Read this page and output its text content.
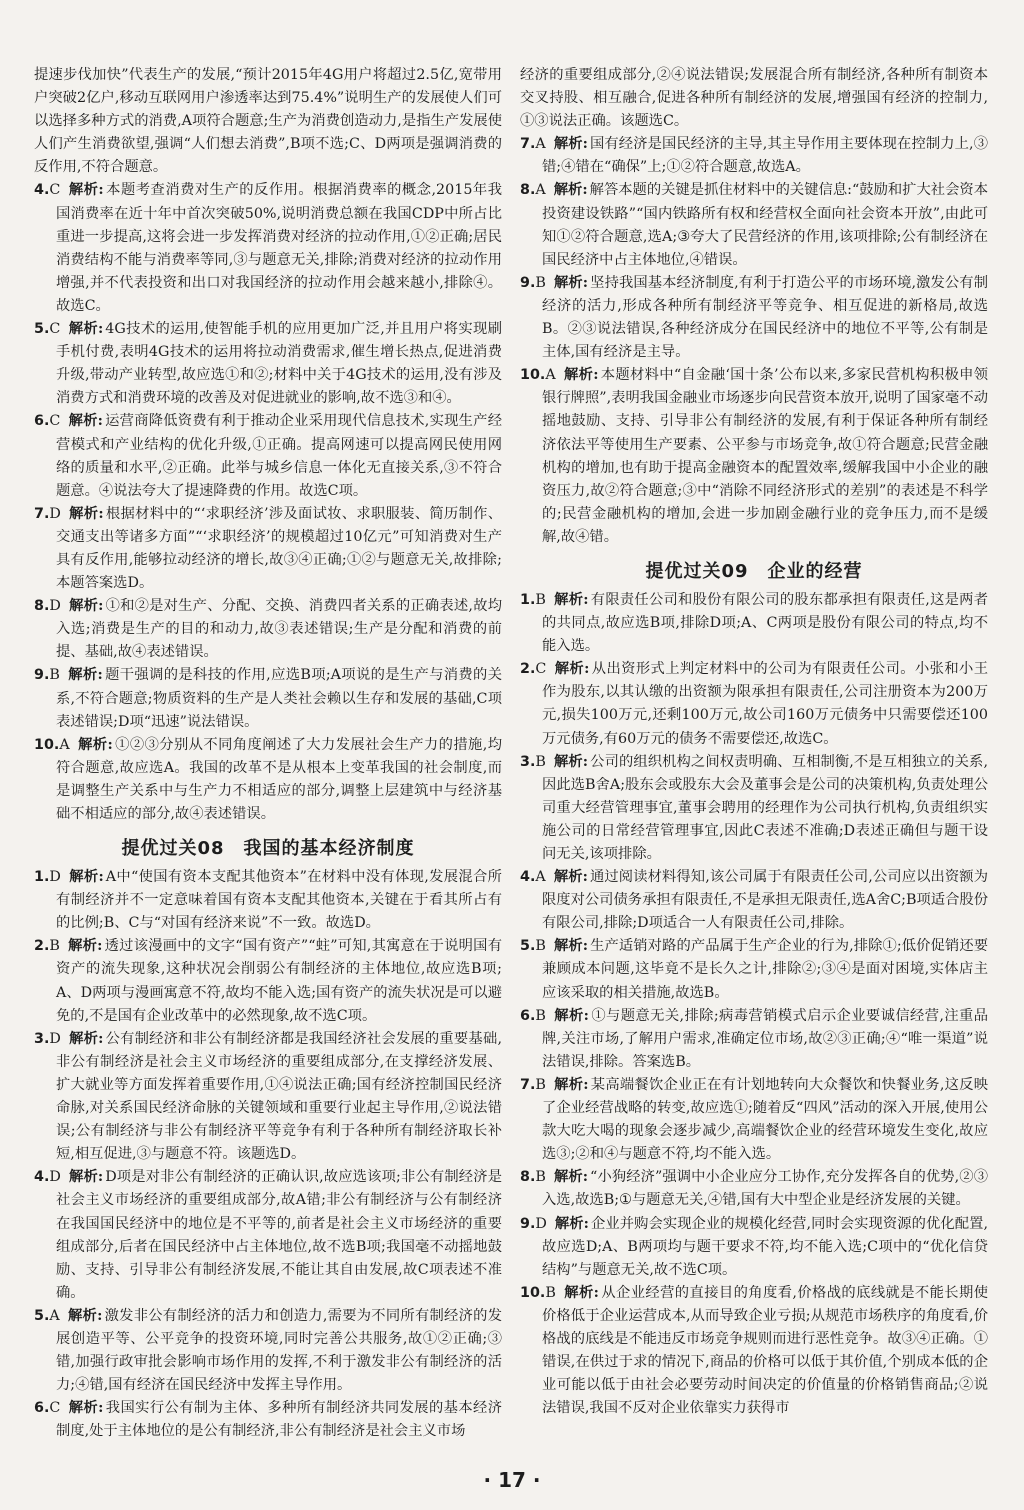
提速步伐加快”代表生产的发展,“预计2015年4G用户将超过2.5亿,宽带用户突破2亿户,移动互联网用户渗透率达到75.4%”说明生产的发展使人们可以选择多种方式的消费,A项符合题意;生产为消费创造动力,是指生产发展使人们产生消费欲望,强调“人们想去消费”,B项不选;C、D两项是强调消费的反作用,不符合题意。

4.C 解析: 本题考查消费对生产的反作用。根据消费率的概念,2015年我国消费率在近十年中首次突破50%,说明消费总额在我国CDP中所占比重进一步提高,这将会进一步发挥消费对经济的拉动作用,①②正确;居民消费结构不能与消费率等同,③与题意无关,排除;消费对经济的拉动作用增强,并不代表投资和出口对我国经济的拉动作用会越来越小,排除④。故选C。

5.C 解析: 4G技术的运用,使智能手机的应用更加广泛,并且用户将实现刷手机付费,表明4G技术的运用将拉动消费需求,催生增长热点,促进消费升级,带动产业转型,故应选①和②;材料中关于4G技术的运用,没有涉及消费方式和消费环境的改善及对促进就业的影响,故不选③和④。

6.C 解析: 运营商降低资费有利于推动企业采用现代信息技术,实现生产经营模式和产业结构的优化升级,①正确。提高网速可以提高网民使用网络的质量和水平,②正确。此举与城乡信息一体化无直接关系,③不符合题意。④说法夸大了提速降费的作用。故选C项。

7.D 解析: 根据材料中的“‘求职经济’涉及面试妆、求职服装、简历制作、交通支出等诸多方面”“‘求职经济’的规模超过10亿元”可知消费对生产具有反作用,能够拉动经济的增长,故③④正确;①②与题意无关,故排除;本题答案选D。

8.D 解析: ①和②是对生产、分配、交换、消费四者关系的正确表述,故均入选;消费是生产的目的和动力,故③表述错误;生产是分配和消费的前提、基础,故④表述错误。

9.B 解析: 题干强调的是科技的作用,应选B项;A项说的是生产与消费的关系,不符合题意;物质资料的生产是人类社会赖以生存和发展的基础,C项表述错误;D项“迅速”说法错误。

10.A 解析: ①②③分别从不同角度阐述了大力发展社会生产力的措施,均符合题意,故应选A。我国的改革不是从根本上变革我国的社会制度,而是调整生产关系中与生产力不相适应的部分,调整上层建筑中与经济基础不相适应的部分,故④表述错误。

提优过关08　我国的基本经济制度

1.D 解析: A中“使国有资本支配其他资本”在材料中没有体现,发展混合所有制经济并不一定意味着国有资本支配其他资本,关键在于看其所占有的比例;B、C与“对国有经济来说”不一致。故选D。

2.B 解析: 透过该漫画中的文字“国有资产”“蛀”可知,其寓意在于说明国有资产的流失现象,这种状况会削弱公有制经济的主体地位,故应选B项;A、D两项与漫画寓意不符,故均不能入选;国有资产的流失状况是可以避免的,不是国有企业改革中的必然现象,故不选C项。

3.D 解析: 公有制经济和非公有制经济都是我国经济社会发展的重要基础,非公有制经济是社会主义市场经济的重要组成部分,在支撑经济发展、扩大就业等方面发挥着重要作用,①④说法正确;国有经济控制国民经济命脉,对关系国民经济命脉的关键领域和重要行业起主导作用,②说法错误;公有制经济与非公有制经济平等竞争有利于各种所有制经济取长补短,相互促进,③与题意不符。该题选D。

4.D 解析: D项是对非公有制经济的正确认识,故应选该项;非公有制经济是社会主义市场经济的重要组成部分,故A错;非公有制经济与公有制经济在我国国民经济中的地位是不平等的,前者是社会主义市场经济的重要组成部分,后者在国民经济中占主体地位,故不选B项;我国毫不动摇地鼓励、支持、引导非公有制经济发展,不能让其自由发展,故C项表述不准确。

5.A 解析: 激发非公有制经济的活力和创造力,需要为不同所有制经济的发展创造平等、公平竞争的投资环境,同时完善公共服务,故①②正确;③错,加强行政审批会影响市场作用的发挥,不利于激发非公有制经济的活力;④错,国有经济在国民经济中发挥主导作用。

6.C 解析: 我国实行公有制为主体、多种所有制经济共同发展的基本经济制度,处于主体地位的是公有制经济,非公有制经济是社会主义市场

经济的重要组成部分,②④说法错误;发展混合所有制经济,各种所有制资本交叉持股、相互融合,促进各种所有制经济的发展,增强国有经济的控制力,①③说法正确。该题选C。

7.A 解析: 国有经济是国民经济的主导,其主导作用主要体现在控制力上,③错;④错在“确保”上;①②符合题意,故选A。

8.A 解析: 解答本题的关键是抓住材料中的关键信息:“鼓励和扩大社会资本投资建设铁路”“国内铁路所有权和经营权全面向社会资本开放”,由此可知①②符合题意,选A;③夸大了民营经济的作用,该项排除;公有制经济在国民经济中占主体地位,④错误。

9.B 解析: 坚持我国基本经济制度,有利于打造公平的市场环境,激发公有制经济的活力,形成各种所有制经济平等竞争、相互促进的新格局,故选B。②③说法错误,各种经济成分在国民经济中的地位不平等,公有制是主体,国有经济是主导。

10.A 解析: 本题材料中“自金融‘国十条’公布以来,多家民营机构积极申领银行牌照”,表明我国金融业市场逐步向民营资本放开,说明了国家毫不动摇地鼓励、支持、引导非公有制经济的发展,有利于保证各种所有制经济依法平等使用生产要素、公平参与市场竞争,故①符合题意;民营金融机构的增加,也有助于提高金融资本的配置效率,缓解我国中小企业的融资压力,故②符合题意;③中“消除不同经济形式的差别”的表述是不科学的;民营金融机构的增加,会进一步加剧金融行业的竞争压力,而不是缓解,故④错。

提优过关09　企业的经营

1.B 解析: 有限责任公司和股份有限公司的股东都承担有限责任,这是两者的共同点,故应选B项,排除D项;A、C两项是股份有限公司的特点,均不能入选。

2.C 解析: 从出资形式上判定材料中的公司为有限责任公司。小张和小王作为股东,以其认缴的出资额为限承担有限责任,公司注册资本为200万元,损失100万元,还剩100万元,故公司160万元债务中只需要偿还100万元债务,有60万元的债务不需要偿还,故选C。

3.B 解析: 公司的组织机构之间权责明确、互相制衡,不是互相独立的关系,因此选B舍A;股东会或股东大会及董事会是公司的决策机构,负责处理公司重大经营管理事宜,董事会聘用的经理作为公司执行机构,负责组织实施公司的日常经营管理事宜,因此C表述不准确;D表述正确但与题干设问无关,该项排除。

4.A 解析: 通过阅读材料得知,该公司属于有限责任公司,公司应以出资额为限度对公司债务承担有限责任,不是承担无限责任,选A舍C;B项适合股份有限公司,排除;D项适合一人有限责任公司,排除。

5.B 解析: 生产适销对路的产品属于生产企业的行为,排除①;低价促销还要兼顾成本问题,这毕竟不是长久之计,排除②;③④是面对困境,实体店主应该采取的相关措施,故选B。

6.B 解析: ①与题意无关,排除;病毒营销模式启示企业要诚信经营,注重品牌,关注市场,了解用户需求,准确定位市场,故②③正确;④“唯一渠道”说法错误,排除。答案选B。

7.B 解析: 某高端餐饮企业正在有计划地转向大众餐饮和快餐业务,这反映了企业经营战略的转变,故应选①;随着反“四风”活动的深入开展,使用公款大吃大喝的现象会逐步减少,高端餐饮企业的经营环境发生变化,故应选③;②和④与题意不符,均不能入选。

8.B 解析: “小狗经济”强调中小企业应分工协作,充分发挥各自的优势,②③入选,故选B;①与题意无关,④错,国有大中型企业是经济发展的关键。

9.D 解析: 企业并购会实现企业的规模化经营,同时会实现资源的优化配置,故应选D;A、B两项均与题干要求不符,均不能入选;C项中的“优化信贷结构”与题意无关,故不选C项。

10.B 解析: 从企业经营的直接目的角度看,价格战的底线就是不能长期使价格低于企业运营成本,从而导致企业亏损;从规范市场秩序的角度看,价格战的底线是不能违反市场竞争规则而进行恶性竞争。故③④正确。①错误,在供过于求的情况下,商品的价格可以低于其价值,个别成本低的企业可能以低于由社会必要劳动时间决定的价值量的价格销售商品;②说法错误,我国不反对企业依靠实力获得市

· 17 ·
